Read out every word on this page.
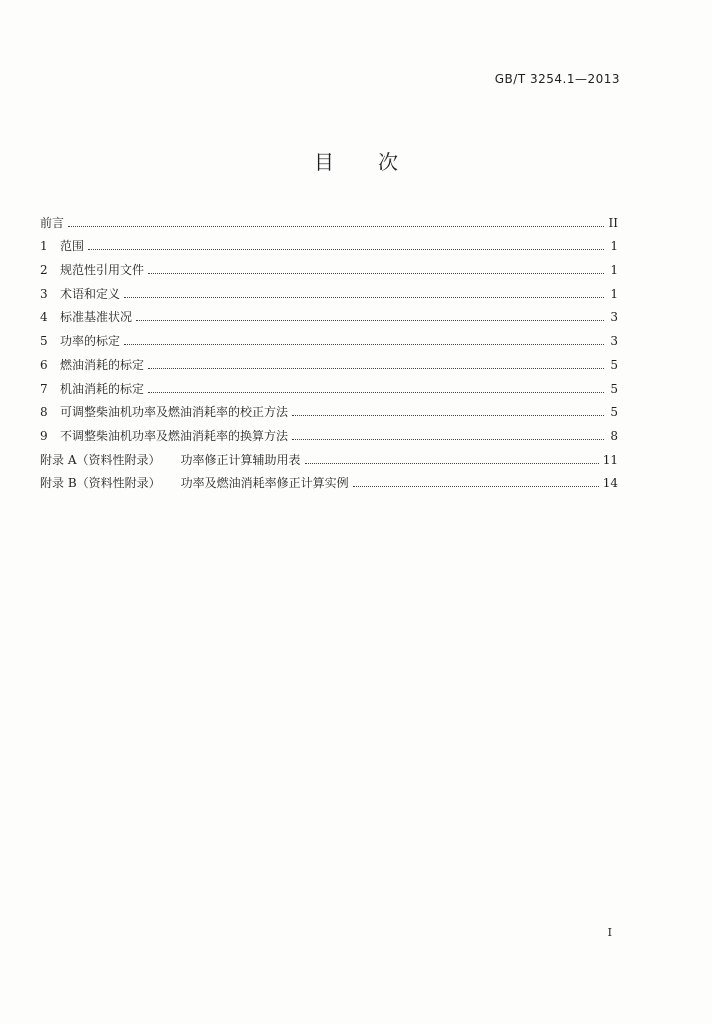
GB/T 3254.1—2013
目 次
前言	II
1	范围	1
2	规范性引用文件	1
3	术语和定义	1
4	标准基准状况	3
5	功率的标定	3
6	燃油消耗的标定	5
7	机油消耗的标定	5
8	可调整柴油机功率及燃油消耗率的校正方法	5
9	不调整柴油机功率及燃油消耗率的换算方法	8
附录 A（资料性附录） 功率修正计算辅助用表	11
附录 B（资料性附录） 功率及燃油消耗率修正计算实例	14
I
